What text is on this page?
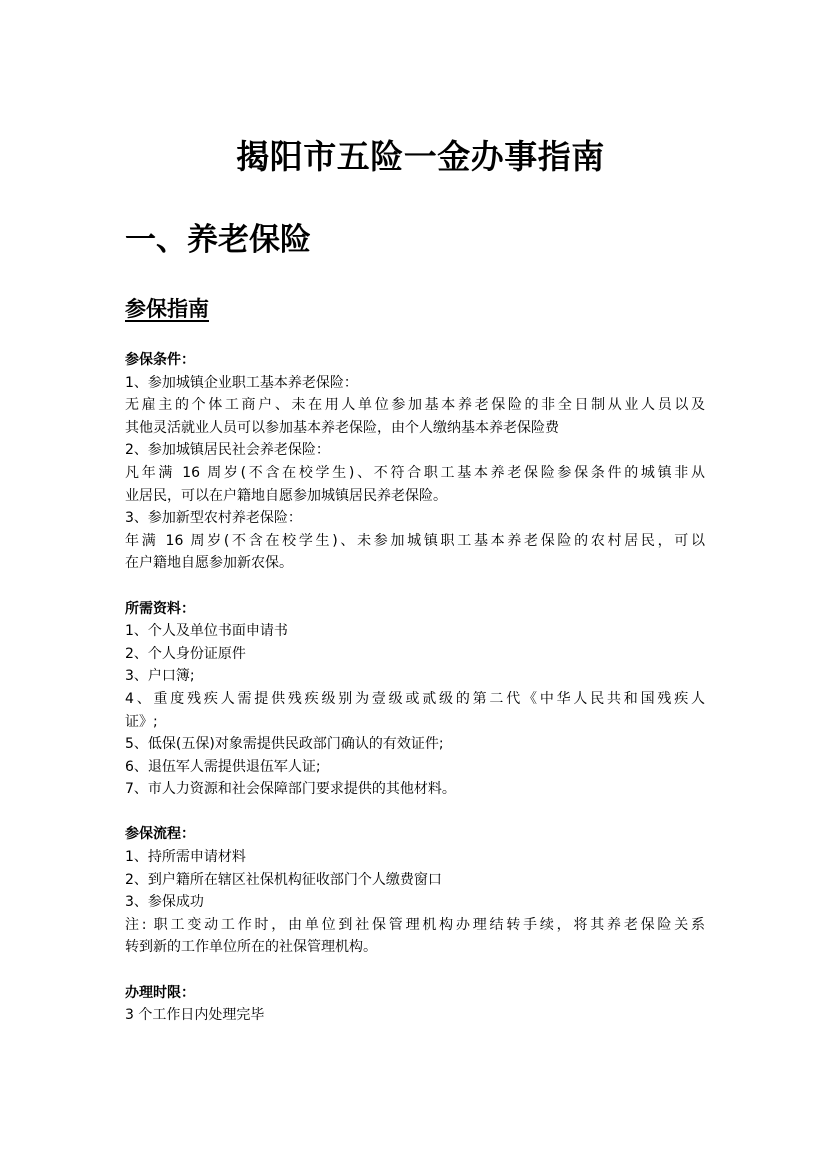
揭阳市五险一金办事指南
一、养老保险
参保指南
参保条件：
1、参加城镇企业职工基本养老保险：
无雇主的个体工商户、未在用人单位参加基本养老保险的非全日制从业人员以及
其他灵活就业人员可以参加基本养老保险，由个人缴纳基本养老保险费
2、参加城镇居民社会养老保险：
凡年满 16 周岁(不含在校学生)、不符合职工基本养老保险参保条件的城镇非从
业居民，可以在户籍地自愿参加城镇居民养老保险。
3、参加新型农村养老保险：
年满 16 周岁(不含在校学生)、未参加城镇职工基本养老保险的农村居民，可以
在户籍地自愿参加新农保。
所需资料：
1、个人及单位书面申请书
2、个人身份证原件
3、户口簿;
4、重度残疾人需提供残疾级别为壹级或贰级的第二代《中华人民共和国残疾人
证》;
5、低保(五保)对象需提供民政部门确认的有效证件;
6、退伍军人需提供退伍军人证;
7、市人力资源和社会保障部门要求提供的其他材料。
参保流程：
1、持所需申请材料
2、到户籍所在辖区社保机构征收部门个人缴费窗口
3、参保成功
注: 职工变动工作时，由单位到社保管理机构办理结转手续，将其养老保险关系
转到新的工作单位所在的社保管理机构。
办理时限：
3 个工作日内处理完毕
